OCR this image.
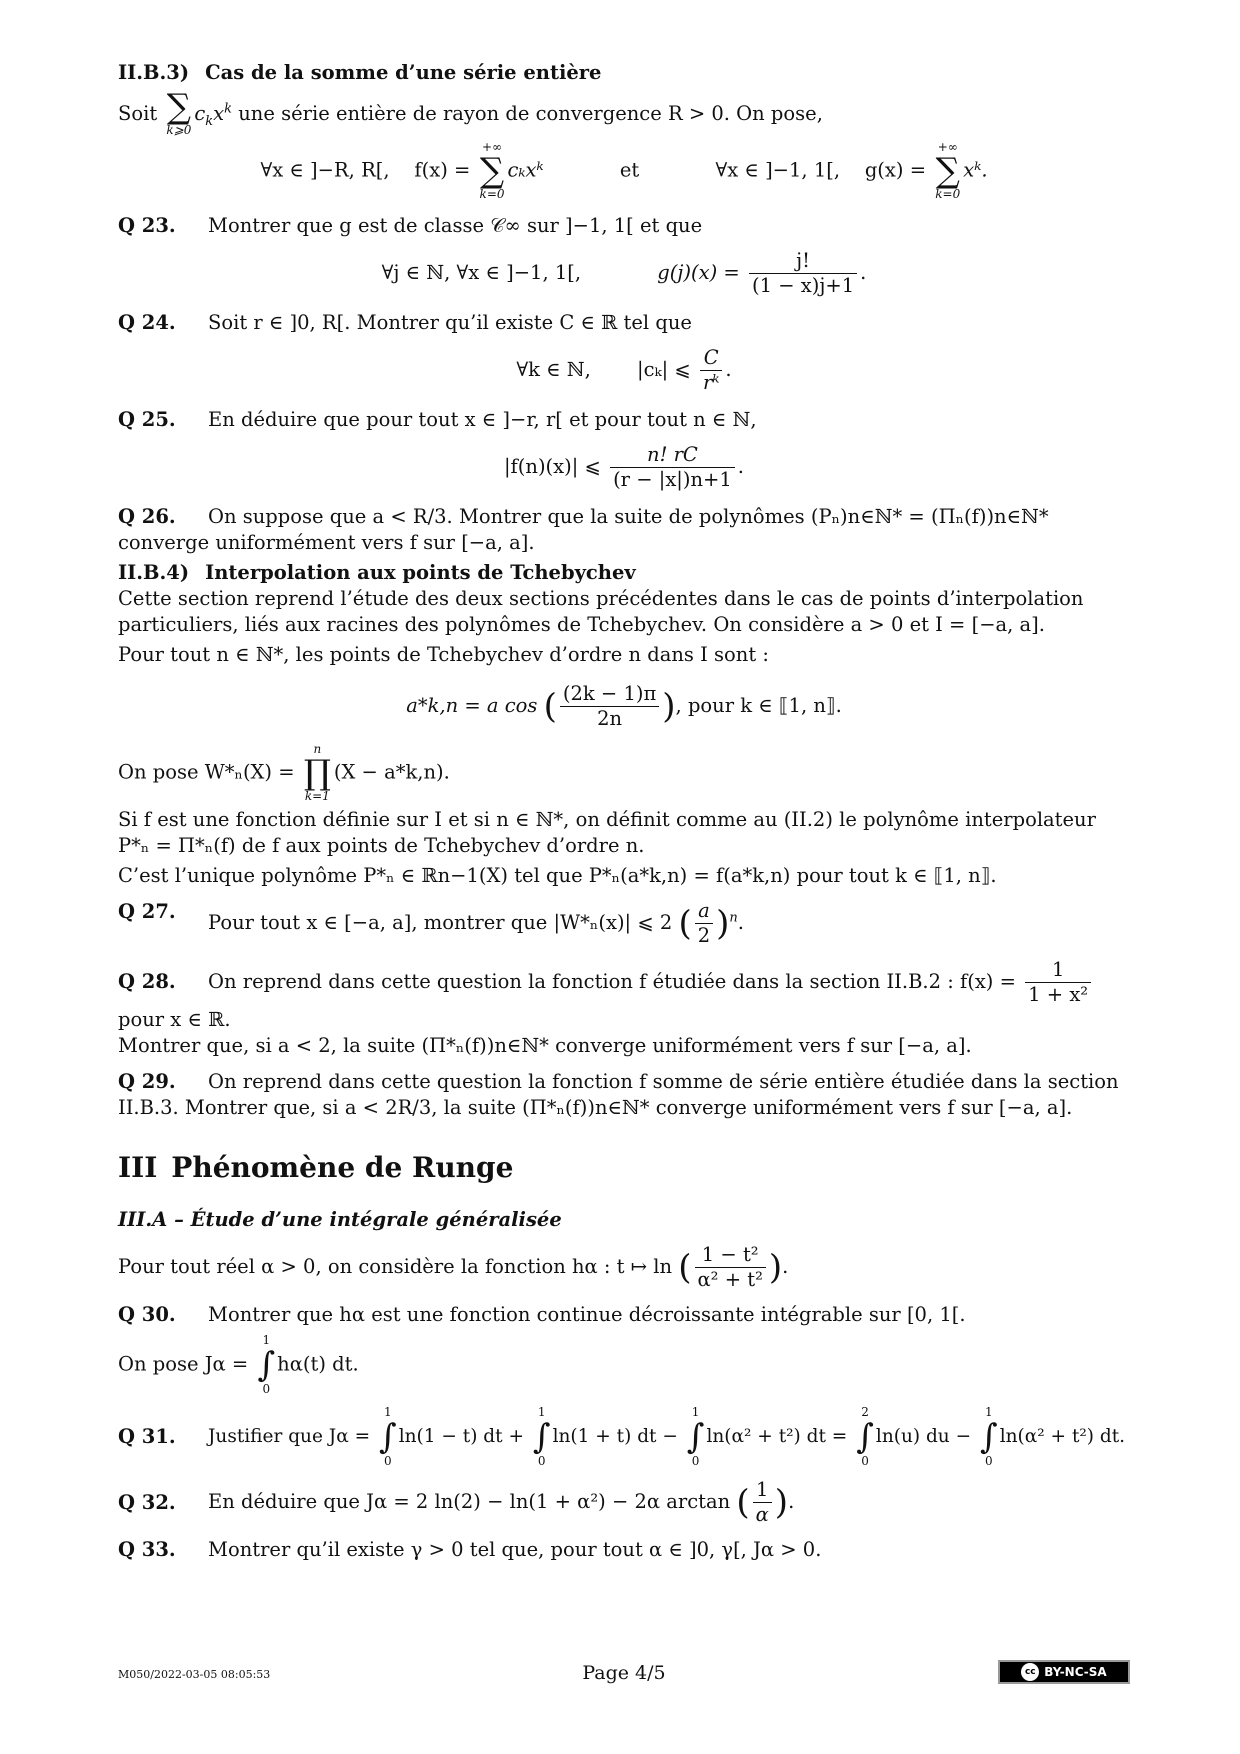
II.B.3) Cas de la somme d’une série entière

Soit ∑
k⩾0
$c_kx^k$ une série entière de rayon de convergence R > 0. On pose,

∀x ∈ ]−R, R[, f(x) =
+∞
∑
k=0
cₖxᵏ	et	∀x ∈ ]−1, 1[, g(x) =
+∞
∑
k=0
xᵏ.
Q 23.	Montrer que g est de classe 𝒞∞ sur ]−1, 1[ et que
∀j ∈ ℕ, ∀x ∈ ]−1, 1[,	$g(j)(x) = \frac{j!}{(1 - x)j+1}$ .
Q 24.	Soit r ∈ ]0, R[. Montrer qu’il existe C ∈ ℝ tel que
∀k ∈ ℕ, |cₖ| ⩽ $\frac{C}{\text{rᵏ}}$ .
Q 25.	En déduire que pour tout x ∈ ]−r, r[ et pour tout n ∈ ℕ,
|f(n)(x)| ⩽ $\frac{n! rC}{(r - |x|)n+1}$ .
Q 26. On suppose que a < R/3. Montrer que la suite de polynômes (Pₙ)n∈ℕ* = (Πₙ(f))n∈ℕ* converge uniformément vers f sur [−a, a].
II.B.4) Interpolation aux points de Tchebychev

Cette section reprend l’étude des deux sections précédentes dans le cas de points d’interpolation particuliers, liés aux racines des polynômes de Tchebychev. On considère a > 0 et I = [−a, a].

Pour tout n ∈ ℕ*, les points de Tchebychev d’ordre n dans I sont :

a*k,n = a cos ( $\frac{(2k - 1)\pi}{2n}$ ), pour k ∈ ⟦1, n⟧.

On pose W*ₙ(X) =
n
∏
k=1
(X − a*k,n).

Si f est une fonction définie sur I et si n ∈ ℕ*, on définit comme au (II.2) le polynôme interpolateur P*ₙ = Π*ₙ(f) de f aux points de Tchebychev d’ordre n.

C’est l’unique polynôme P*ₙ ∈ ℝn−1(X) tel que P*ₙ(a*k,n) = f(a*k,n) pour tout k ∈ ⟦1, n⟧.

Q 27.	Pour tout x ∈ [−a, a], montrer que |W*ₙ(x)| ⩽ 2 ( $\frac{a}{2} )^n$.
Q 28. On reprend dans cette question la fonction f étudiée dans la section II.B.2 : $f(x) = \frac{1}{\text{1 + x²}}$
pour x ∈ ℝ.
Montrer que, si a < 2, la suite (Π*ₙ(f))n∈ℕ* converge uniformément vers f sur [−a, a].
Q 29. On reprend dans cette question la fonction f somme de série entière étudiée dans la section II.B.3. Montrer que, si a < 2R/3, la suite (Π*ₙ(f))n∈ℕ* converge uniformément vers f sur [−a, a].
III Phénomène de Runge
III.A – Étude d’une intégrale généralisée

Pour tout réel α > 0, on considère la fonction hα : t ↦ ln ( $\frac{\text{1 − t²}}{\text{α² + t²}}$ ).

Q 30.	Montrer que hα est une fonction continue décroissante intégrable sur [0, 1[.

On pose Jα =
1
∫
0
hα(t) dt.

Q 31.	Justifier que Jα =
1
∫
0
ln(1 − t) dt +
1
∫
0
ln(1 + t) dt −
1
∫
0
ln(α² + t²) dt =
2
∫
0
ln(u) du −
1
∫
0
ln(α² + t²) dt.
Q 32.	En déduire que Jα = 2 ln(2) − ln(1 + α²) − 2α arctan ( $\frac{1}{\alpha}$ ).
Q 33.	Montrer qu’il existe γ > 0 tel que, pour tout α ∈ ]0, γ[, Jα > 0.
M050/2022-03-05 08:05:53	Page 4/5	cc BY-NC-SA
